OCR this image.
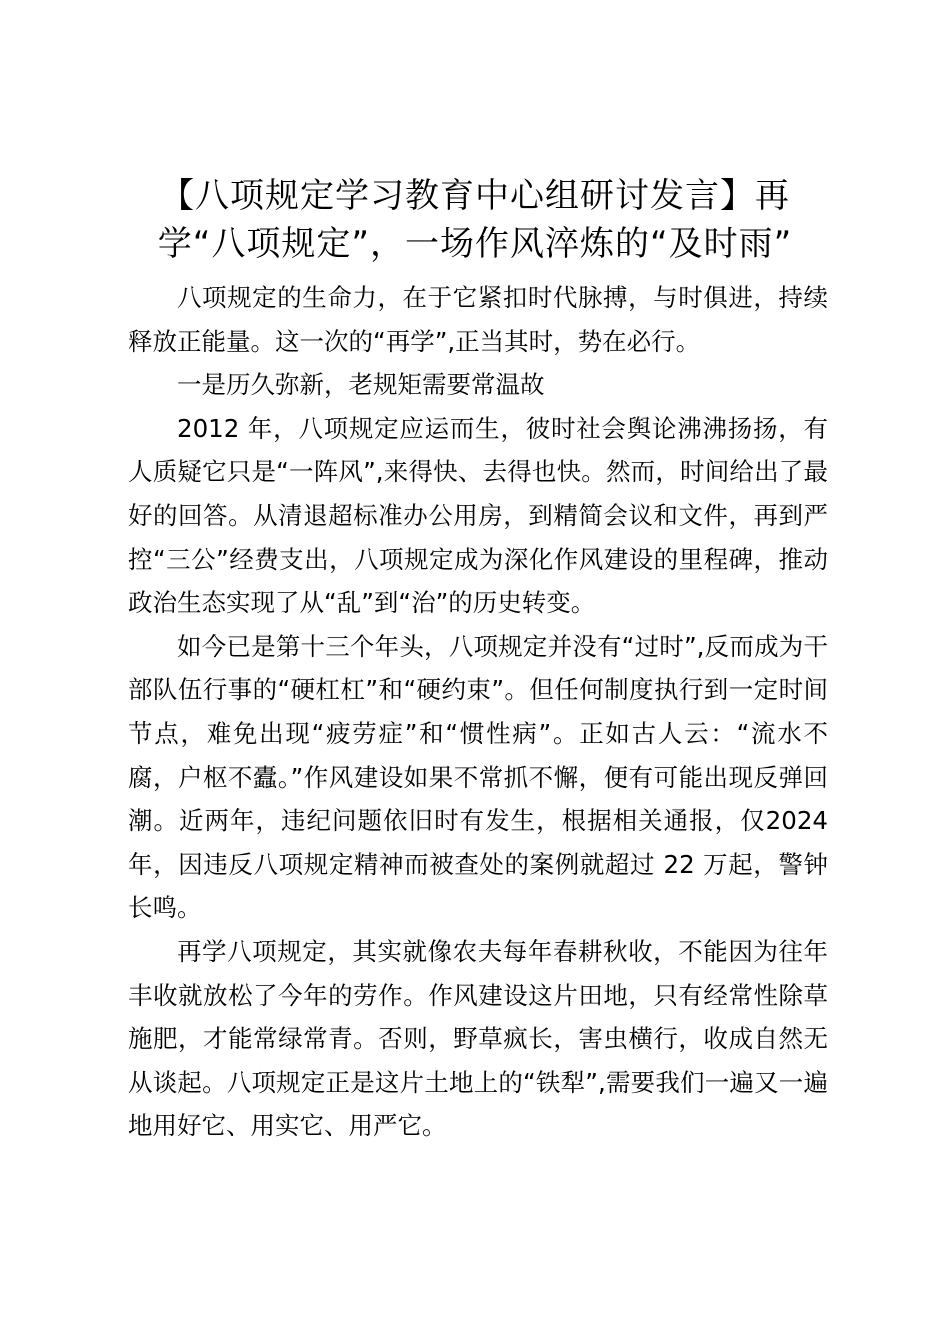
【八项规定学习教育中心组研讨发言】再学“八项规定”，一场作风淬炼的“及时雨”

八项规定的生命力，在于它紧扣时代脉搏，与时俱进，持续释放正能量。这一次的“再学”,正当其时，势在必行。

一是历久弥新，老规矩需要常温故

2012 年，八项规定应运而生，彼时社会舆论沸沸扬扬，有人质疑它只是“一阵风”,来得快、去得也快。然而，时间给出了最好的回答。从清退超标准办公用房，到精简会议和文件，再到严控“三公”经费支出，八项规定成为深化作风建设的里程碑，推动政治生态实现了从“乱”到“治”的历史转变。

如今已是第十三个年头，八项规定并没有“过时”,反而成为干部队伍行事的“硬杠杠”和“硬约束”。但任何制度执行到一定时间节点，难免出现“疲劳症”和“惯性病”。正如古人云：“流水不腐，户枢不蠹。”作风建设如果不常抓不懈，便有可能出现反弹回潮。近两年，违纪问题依旧时有发生，根据相关通报，仅2024 年，因违反八项规定精神而被查处的案例就超过 22 万起，警钟长鸣。

再学八项规定，其实就像农夫每年春耕秋收，不能因为往年丰收就放松了今年的劳作。作风建设这片田地，只有经常性除草施肥，才能常绿常青。否则，野草疯长，害虫横行，收成自然无从谈起。八项规定正是这片土地上的“铁犁”,需要我们一遍又一遍地用好它、用实它、用严它。
